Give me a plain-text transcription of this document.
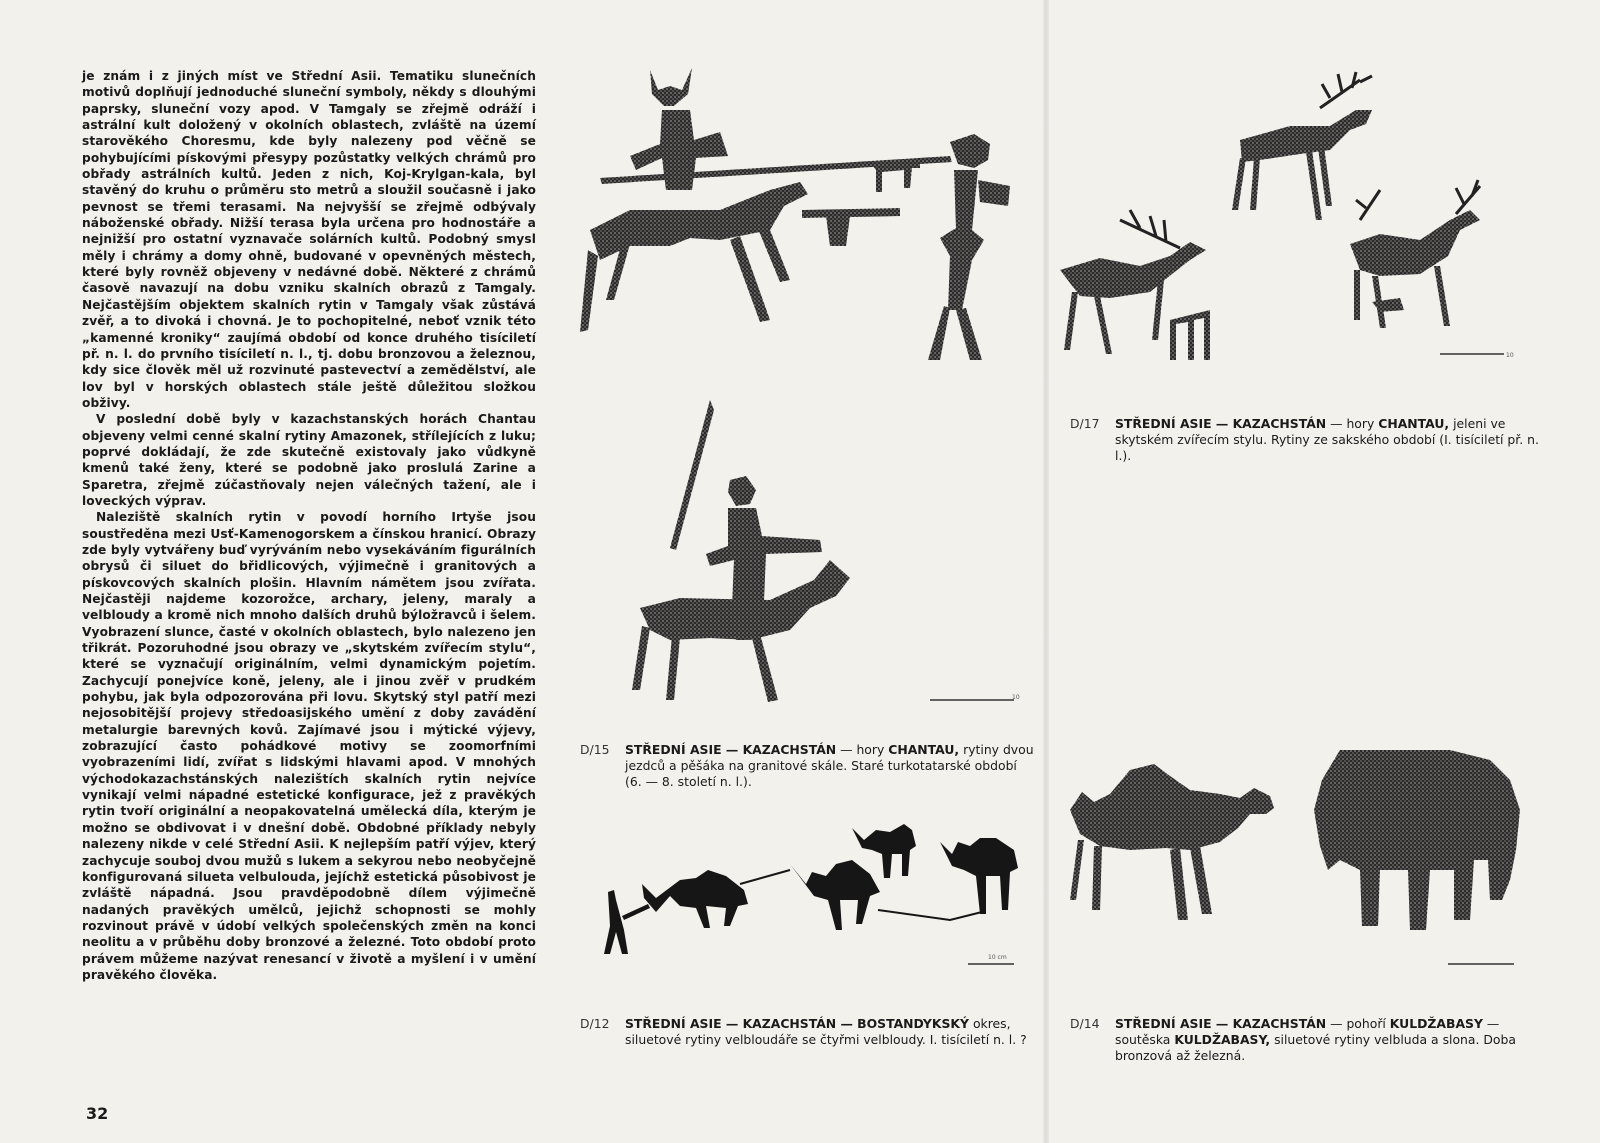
je znám i z jiných míst ve Střední Asii. Tematiku slunečních motivů doplňují jednoduché sluneční symboly, někdy s dlouhými paprsky, sluneční vozy apod. V Tamgaly se zřejmě odráží i astrální kult doložený v okolních oblastech, zvláště na území starověkého Choresmu, kde byly nalezeny pod věčně se pohybujícími pískovými přesypy pozůstatky velkých chrámů pro obřady astrálních kultů. Jeden z nich, Koj-Krylgan-kala, byl stavěný do kruhu o průměru sto metrů a sloužil současně i jako pevnost se třemi terasami. Na nejvyšší se zřejmě odbývaly náboženské obřady. Nižší terasa byla určena pro hodnostáře a nejnižší pro ostatní vyznavače solárních kultů. Podobný smysl měly i chrámy a domy ohně, budované v opevněných městech, které byly rovněž objeveny v nedávné době. Některé z chrámů časově navazují na dobu vzniku skalních obrazů z Tamgaly. Nejčastějším objektem skalních rytin v Tamgaly však zůstává zvěř, a to divoká i chovná. Je to pochopitelné, neboť vznik této „kamenné kroniky“ zaujímá období od konce druhého tisíciletí př. n. l. do prvního tisíciletí n. l., tj. dobu bronzovou a železnou, kdy sice člověk měl už rozvinuté pastevectví a zemědělství, ale lov byl v horských oblastech stále ještě důležitou složkou obživy.

V poslední době byly v kazachstanských horách Chantau objeveny velmi cenné skalní rytiny Amazonek, střílejících z luku; poprvé dokládají, že zde skutečně existovaly jako vůdkyně kmenů také ženy, které se podobně jako proslulá Zarine a Sparetra, zřejmě zúčastňovaly nejen válečných tažení, ale i loveckých výprav.

Naleziště skalních rytin v povodí horního Irtyše jsou soustředěna mezi Usť-Kamenogorskem a čínskou hranicí. Obrazy zde byly vytvářeny buď vyrýváním nebo vysekáváním figurálních obrysů či siluet do břidlicových, výjimečně i granitových a pískovcových skalních plošin. Hlavním námětem jsou zvířata. Nejčastěji najdeme kozorožce, archary, jeleny, maraly a velbloudy a kromě nich mnoho dalších druhů býložravců i šelem. Vyobrazení slunce, časté v okolních oblastech, bylo nalezeno jen třikrát. Pozoruhodné jsou obrazy ve „skytském zvířecím stylu“, které se vyznačují originálním, velmi dynamickým pojetím. Zachycují ponejvíce koně, jeleny, ale i jinou zvěř v prudkém pohybu, jak byla odpozorována při lovu. Skytský styl patří mezi nejosobitější projevy středoasijského umění z doby zavádění metalurgie barevných kovů. Zajímavé jsou i mýtické výjevy, zobrazující často pohádkové motivy se zoomorfními vyobrazeními lidí, zvířat s lidskými hlavami apod. V mnohých východokazachstánských nalezištích skalních rytin nejvíce vynikají velmi nápadné estetické konfigurace, jež z pravěkých rytin tvoří originální a neopakovatelná umělecká díla, kterým je možno se obdivovat i v dnešní době. Obdobné příklady nebyly nalezeny nikde v celé Střední Asii. K nejlepším patří výjev, který zachycuje souboj dvou mužů s lukem a sekyrou nebo neobyčejně konfigurovaná silueta velbulouda, jejíchž estetická působivost je zvláště nápadná. Jsou pravděpodobně dílem výjimečně nadaných pravěkých umělců, jejichž schopnosti se mohly rozvinout právě v údobí velkých společenských změn na konci neolitu a v průběhu doby bronzové a železné. Toto období proto právem můžeme nazývat renesancí v životě a myšlení i v umění pravěkého člověka.

32
10
D/15 STŘEDNÍ ASIE — KAZACHSTÁN — hory CHANTAU, rytiny dvou jezdců a pěšáka na granitové skále. Staré turkotatarské období (6. — 8. století n. l.).
10
D/17 STŘEDNÍ ASIE — KAZACHSTÁN — hory CHANTAU, jeleni ve skytském zvířecím stylu. Rytiny ze sakského období (I. tisíciletí př. n. l.).
10 cm
D/12 STŘEDNÍ ASIE — KAZACHSTÁN — BOSTANDYKSKÝ okres, siluetové rytiny velbloudáře se čtyřmi velbloudy. I. tisíciletí n. l. ?
D/14 STŘEDNÍ ASIE — KAZACHSTÁN — pohoří KULDŽABASY — soutěska KULDŽABASY, siluetové rytiny velbluda a slona. Doba bronzová až železná.
